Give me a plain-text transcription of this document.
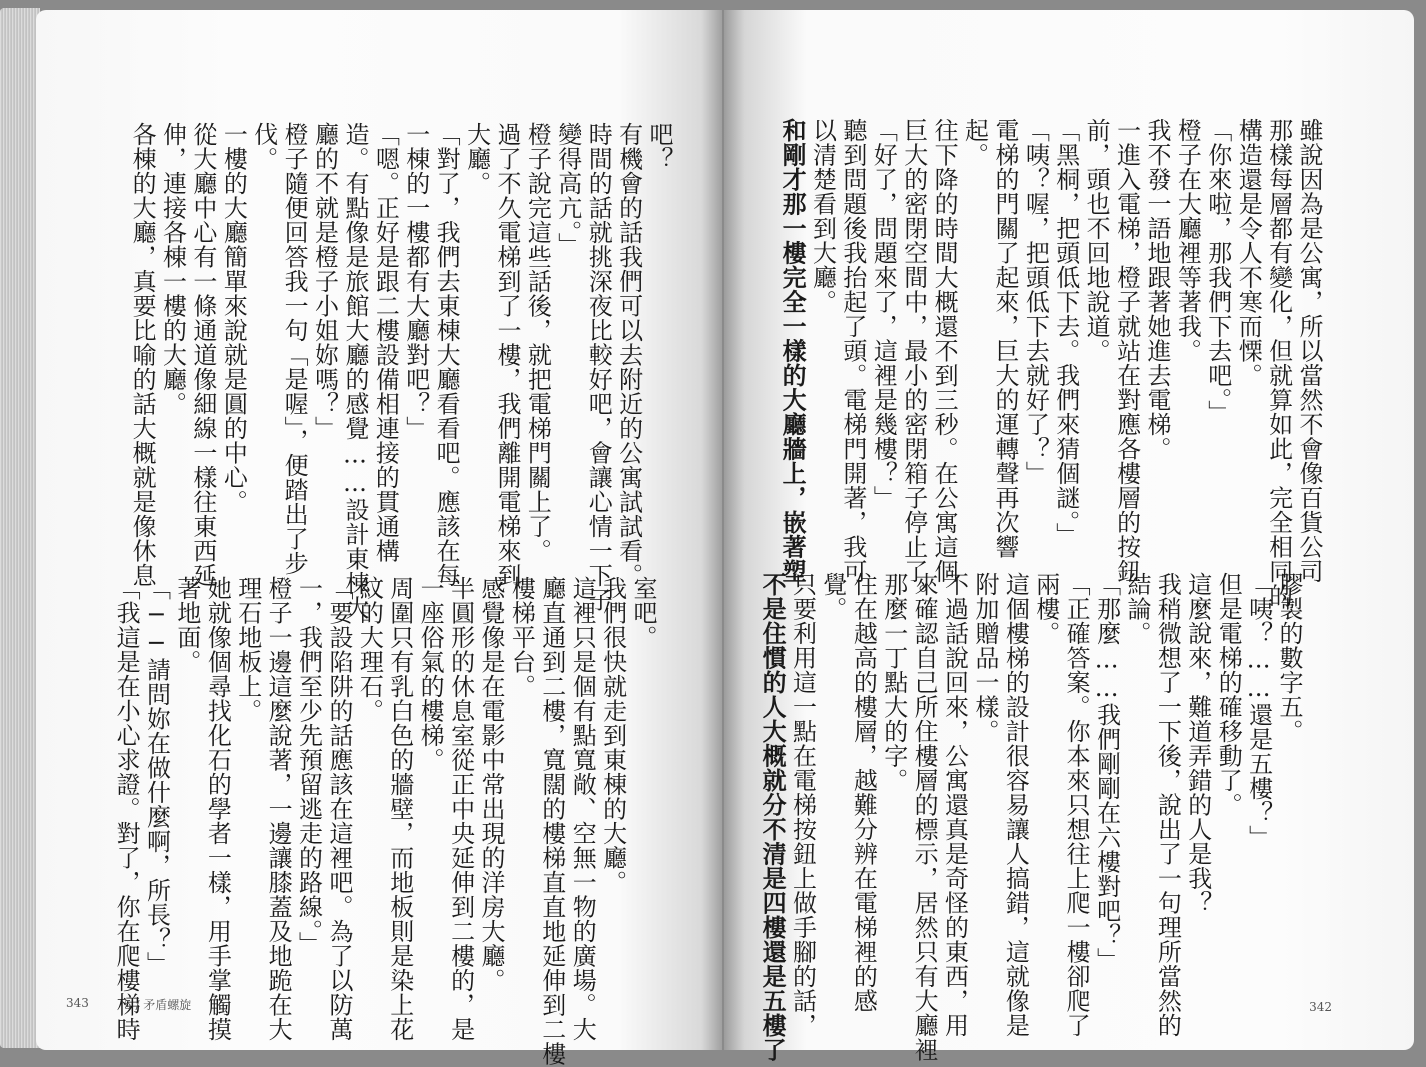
吧？

有機會的話我們可以去附近的公寓試試看。

時間的話就挑深夜比較好吧，會讓心情一下子

變得高亢。」

橙子說完這些話後，就把電梯門關上了。

過了不久電梯到了一樓，我們離開電梯來到

大廳。

「對了，我們去東棟大廳看看吧。應該在每

一棟的一樓都有大廳對吧？」

「嗯。正好是跟二樓設備相連接的貫通構

造。有點像是旅館大廳的感覺……設計東棟大

廳的不就是橙子小姐妳嗎？」

橙子隨便回答我一句「是喔」，便踏出了步

伐。

一樓的大廳簡單來說就是圓的中心。

從大廳中心有一條通道像細線一樣往東西延

伸，連接各棟一樓的大廳。

各棟的大廳，真要比喻的話大概就是像休息

室吧。

我們很快就走到東棟的大廳。

這裡只是個有點寬敞、空無一物的廣場。大

廳直通到二樓，寬闊的樓梯直直地延伸到二樓

樓梯平台。

感覺像是在電影中常出現的洋房大廳。

半圓形的休息室從正中央延伸到二樓的，是

一座俗氣的樓梯。

周圍只有乳白色的牆壁，而地板則是染上花

紋的大理石。

「要設陷阱的話應該在這裡吧。為了以防萬

一，我們至少先預留逃走的路線。」

橙子一邊這麼說著，一邊讓膝蓋及地跪在大

理石地板上。

她就像個尋找化石的學者一樣，用手掌觸摸

著地面。

「──請問妳在做什麼啊，所長？」

「我這是在小心求證。對了，你在爬樓梯時

343	5 / 矛盾螺旋

雖說因為是公寓，所以當然不會像百貨公司

那樣每層都有變化，但就算如此，完全相同的

構造還是令人不寒而慄。

「你來啦，那我們下去吧。」

橙子在大廳裡等著我。

我不發一語地跟著她進去電梯。

一進入電梯，橙子就站在對應各樓層的按鈕

前，頭也不回地說道。

「黑桐，把頭低下去。我們來猜個謎。」

「咦？喔，把頭低下去就好了？」

電梯的門關了起來，巨大的運轉聲再次響

起。

往下降的時間大概還不到三秒。在公寓這個

巨大的密閉空間中，最小的密閉箱子停止了。

「好了，問題來了，這裡是幾樓？」

聽到問題後我抬起了頭。電梯門開著，我可

以清楚看到大廳。

和剛才那一樓完全一樣的大廳牆上，嵌著塑

膠製的數字五。

「咦？……還是五樓？」

但是電梯的確移動了。

這麼說來，難道弄錯的人是我？

我稍微想了一下後，說出了一句理所當然的

結論。

「那麼……我們剛剛在六樓對吧？」

「正確答案。你本來只想往上爬一樓卻爬了

兩樓。

這個樓梯的設計很容易讓人搞錯，這就像是

附加贈品一樣。

不過話說回來，公寓還真是奇怪的東西，用

來確認自己所住樓層的標示，居然只有大廳裡

那麼一丁點大的字。

住在越高的樓層，越難分辨在電梯裡的感

覺。

只要利用這一點在電梯按鈕上做手腳的話，

不是住慣的人大概就分不清是四樓還是五樓了	342
